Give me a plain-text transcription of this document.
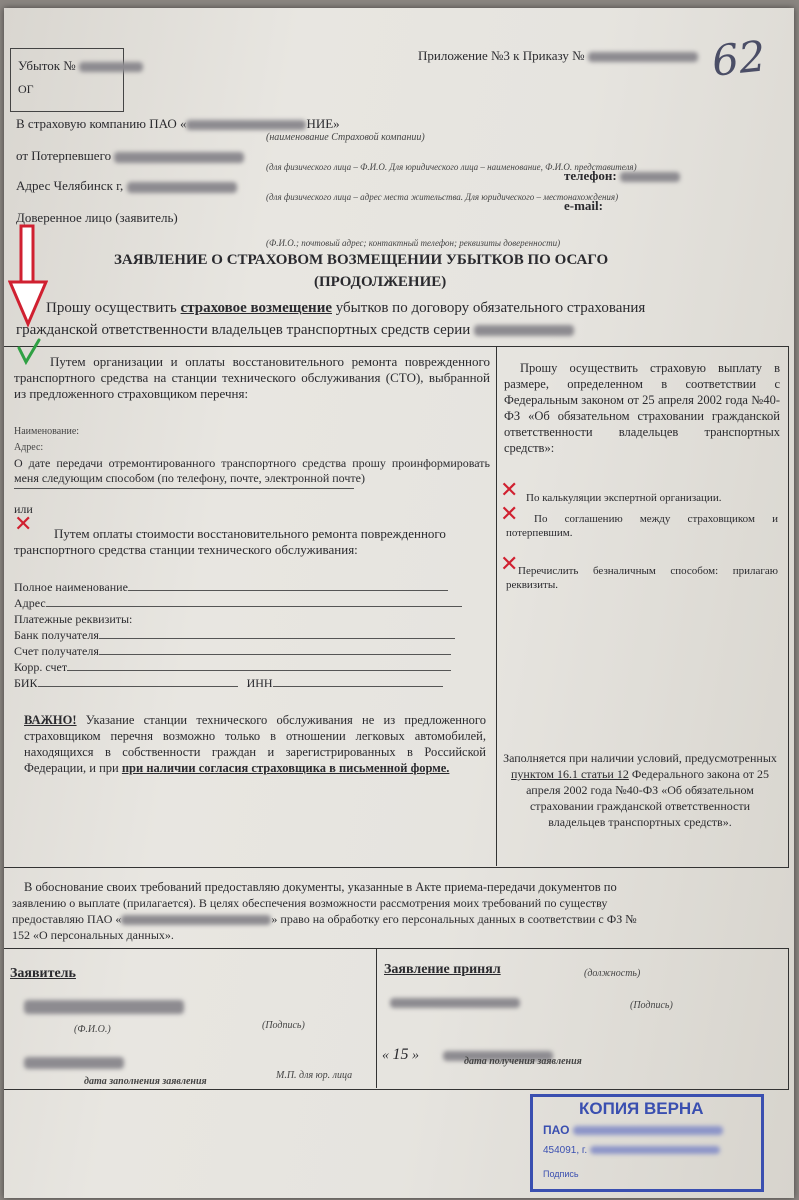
Убыток №
ОГ
Приложение №3 к Приказу №	62
В страховую компанию ПАО «	НИЕ»
(наименование Страховой компании)
от Потерпевшего
(для физического лица – Ф.И.О. Для юридического лица – наименование, Ф.И.О. представителя)
телефон:
Адрес Челябинск г,
(для физического лица – адрес места жительства. Для юридического – местонахождения)
e-mail:
Доверенное лицо (заявитель)
(Ф.И.О.; почтовый адрес; контактный телефон; реквизиты доверенности)
ЗАЯВЛЕНИЕ О СТРАХОВОМ ВОЗМЕЩЕНИИ УБЫТКОВ ПО ОСАГО
(ПРОДОЛЖЕНИЕ)
Прошу осуществить страховое возмещение убытков по договору обязательного страхования
гражданской ответственности владельцев транспортных средств серии
Путем организации и оплаты восстановительного ремонта поврежденного транспортного средства на станции технического обслуживания (СТО), выбранной из предложенного страховщиком перечня:
Наименование:
Адрес:
О дате передачи отремонтированного транспортного средства прошу проинформировать меня следующим способом (по телефону, почте, электронной почте)
или
✕	Путем оплаты стоимости восстановительного ремонта поврежденного транспортного средства станции технического обслуживания:
Полное наименование
Адрес
Платежные реквизиты:
Банк получателя
Счет получателя
Корр. счет
БИК	ИНН
ВАЖНО! Указание станции технического обслуживания не из предложенного страховщиком перечня возможно только в отношении легковых автомобилей, находящихся в собственности граждан и зарегистрированных в Российской Федерации, и при при наличии согласия страховщика в письменной форме.
Прошу осуществить страховую выплату в размере, определенном в соответствии с Федеральным законом от 25 апреля 2002 года №40-ФЗ «Об обязательном страховании гражданской ответственности владельцев транспортных средств»:
✕ По калькуляции экспертной организации.
✕	По соглашению между страховщиком и потерпевшим.
✕ Перечислить безналичным способом: прилагаю реквизиты.
Заполняется при наличии условий, предусмотренных пунктом 16.1 статьи 12 Федерального закона от 25 апреля 2002 года №40-ФЗ «Об обязательном страховании гражданской ответственности владельцев транспортных средств».
В обоснование своих требований предоставляю документы, указанные в Акте приема-передачи документов по
заявлению о выплате (прилагается). В целях обеспечения возможности рассмотрения моих требований по существу
предоставляю ПАО «	» право на обработку его персональных данных в соответствии с ФЗ №
152 «О персональных данных».
Заявитель
(Ф.И.О.)	(Подпись)
дата заполнения заявления
М.П. для юр. лица
Заявление принял	(должность)
(Подпись)
« 15 »	дата получения заявления
КОПИЯ ВЕРНА
ПАО
454091, г.
Подпись
